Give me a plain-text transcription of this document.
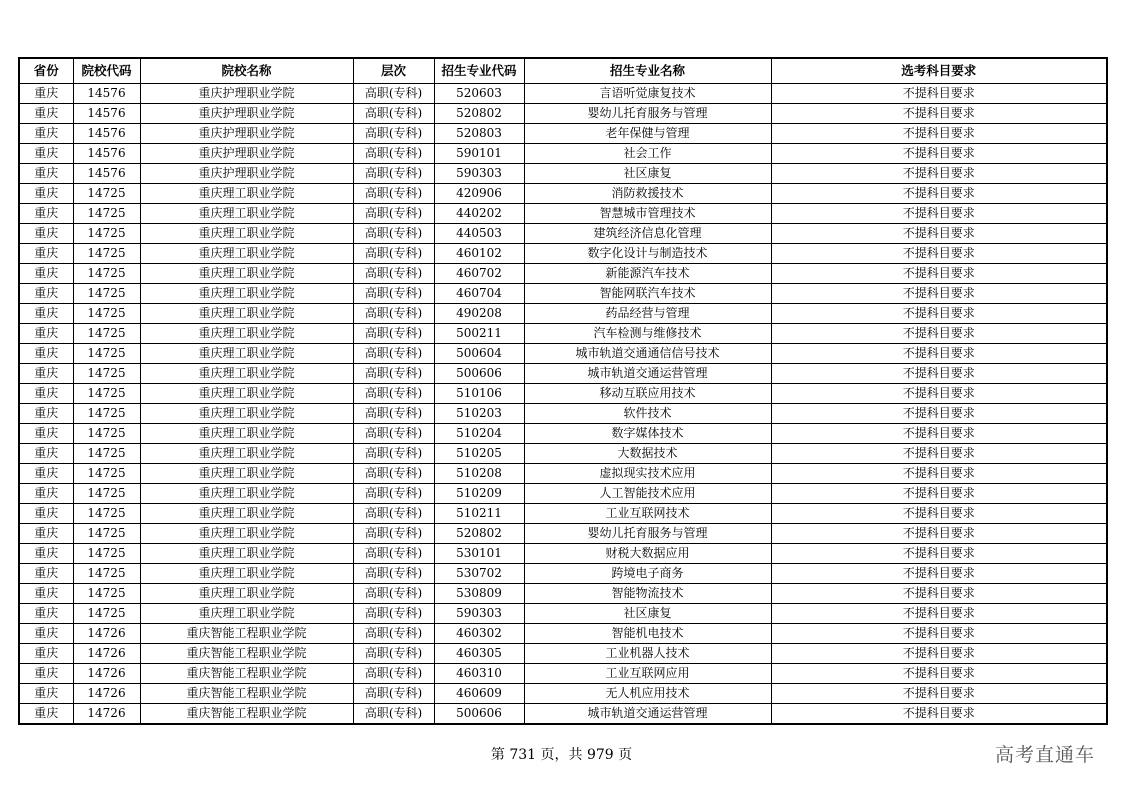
省份	院校代码	院校名称	层次	招生专业代码	招生专业名称	选考科目要求
重庆	14576	重庆护理职业学院	高职(专科)	520603	言语听觉康复技术	不提科目要求
重庆	14576	重庆护理职业学院	高职(专科)	520802	婴幼儿托育服务与管理	不提科目要求
重庆	14576	重庆护理职业学院	高职(专科)	520803	老年保健与管理	不提科目要求
重庆	14576	重庆护理职业学院	高职(专科)	590101	社会工作	不提科目要求
重庆	14576	重庆护理职业学院	高职(专科)	590303	社区康复	不提科目要求
重庆	14725	重庆理工职业学院	高职(专科)	420906	消防救援技术	不提科目要求
重庆	14725	重庆理工职业学院	高职(专科)	440202	智慧城市管理技术	不提科目要求
重庆	14725	重庆理工职业学院	高职(专科)	440503	建筑经济信息化管理	不提科目要求
重庆	14725	重庆理工职业学院	高职(专科)	460102	数字化设计与制造技术	不提科目要求
重庆	14725	重庆理工职业学院	高职(专科)	460702	新能源汽车技术	不提科目要求
重庆	14725	重庆理工职业学院	高职(专科)	460704	智能网联汽车技术	不提科目要求
重庆	14725	重庆理工职业学院	高职(专科)	490208	药品经营与管理	不提科目要求
重庆	14725	重庆理工职业学院	高职(专科)	500211	汽车检测与维修技术	不提科目要求
重庆	14725	重庆理工职业学院	高职(专科)	500604	城市轨道交通通信信号技术	不提科目要求
重庆	14725	重庆理工职业学院	高职(专科)	500606	城市轨道交通运营管理	不提科目要求
重庆	14725	重庆理工职业学院	高职(专科)	510106	移动互联应用技术	不提科目要求
重庆	14725	重庆理工职业学院	高职(专科)	510203	软件技术	不提科目要求
重庆	14725	重庆理工职业学院	高职(专科)	510204	数字媒体技术	不提科目要求
重庆	14725	重庆理工职业学院	高职(专科)	510205	大数据技术	不提科目要求
重庆	14725	重庆理工职业学院	高职(专科)	510208	虚拟现实技术应用	不提科目要求
重庆	14725	重庆理工职业学院	高职(专科)	510209	人工智能技术应用	不提科目要求
重庆	14725	重庆理工职业学院	高职(专科)	510211	工业互联网技术	不提科目要求
重庆	14725	重庆理工职业学院	高职(专科)	520802	婴幼儿托育服务与管理	不提科目要求
重庆	14725	重庆理工职业学院	高职(专科)	530101	财税大数据应用	不提科目要求
重庆	14725	重庆理工职业学院	高职(专科)	530702	跨境电子商务	不提科目要求
重庆	14725	重庆理工职业学院	高职(专科)	530809	智能物流技术	不提科目要求
重庆	14725	重庆理工职业学院	高职(专科)	590303	社区康复	不提科目要求
重庆	14726	重庆智能工程职业学院	高职(专科)	460302	智能机电技术	不提科目要求
重庆	14726	重庆智能工程职业学院	高职(专科)	460305	工业机器人技术	不提科目要求
重庆	14726	重庆智能工程职业学院	高职(专科)	460310	工业互联网应用	不提科目要求
重庆	14726	重庆智能工程职业学院	高职(专科)	460609	无人机应用技术	不提科目要求
重庆	14726	重庆智能工程职业学院	高职(专科)	500606	城市轨道交通运营管理	不提科目要求
第 731 页，共 979 页	高考直通车
